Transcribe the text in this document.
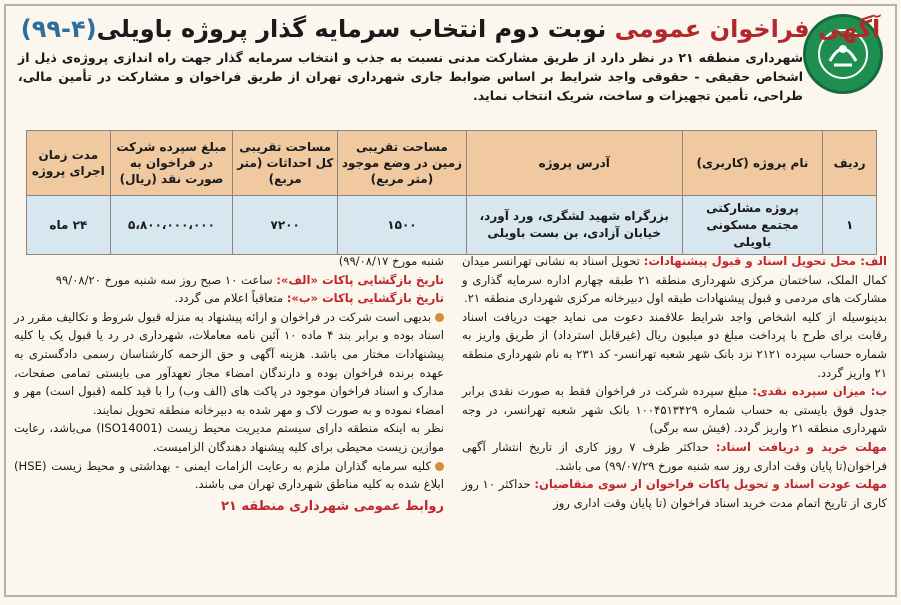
آگهی فراخوان عمومی نوبت دوم انتخاب سرمایه گذار پروژه باویلی(۴-۹۹)
شهرداری منطقه ۲۱ در نظر دارد از طریق مشارکت مدنی نسبت به جذب و انتخاب سرمایه گذار جهت راه اندازی پروژه‌ی ذیل از اشخاص حقیقی - حقوقی واجد شرایط بر اساس ضوابط جاری شهرداری تهران از طریق فراخوان و مشارکت در تأمین مالی، طراحی، تأمین تجهیزات و ساخت، شریک انتخاب نماید.
ردیف	نام پروژه (کاربری)	آدرس پروژه	مساحت تقریبی زمین در وضع موجود (متر مربع)	مساحت تقریبی کل احداثات (متر مربع)	مبلغ سپرده شرکت در فراخوان به صورت نقد (ریال)	مدت زمان اجرای پروژه
۱	پروژه مشارکتی مجتمع مسکونی باویلی	بزرگراه شهید لشگری، ورد آورد، خیابان آزادی، بن بست باویلی	۱۵۰۰	۷۲۰۰	۵،۸۰۰،۰۰۰،۰۰۰	۲۴ ماه

الف: محل تحویل اسناد و قبول پیشنهادات: تحویل اسناد به نشانی تهرانسر میدان کمال الملک، ساختمان مرکزی شهرداری منطقه ۲۱ طبقه چهارم اداره سرمایه گذاری و مشارکت های مردمی و قبول پیشنهادات طبقه اول دبیرخانه مرکزی شهرداری منطقه ۲۱.

بدینوسیله از کلیه اشخاص واجد شرایط علاقمند دعوت می نماید جهت دریافت اسناد رقابت برای طرح با پرداخت مبلغ دو میلیون ریال (غیرقابل استرداد) از طریق واریز به شماره حساب سپرده ۲۱۲۱ نزد بانک شهر شعبه تهرانسر- کد ۲۳۱ به نام شهرداری منطقه ۲۱ واریز گردد.

ب: میزان سپرده نقدی: مبلغ سپرده شرکت در فراخوان فقط به صورت نقدی برابر جدول فوق بایستی به حساب شماره ۱۰۰۴۵۱۳۴۲۹ بانک شهر شعبه تهرانسر، در وجه شهرداری منطقه ۲۱ واریز گردد. (فیش سه برگی)

مهلت خرید و دریافت اسناد: حداکثر ظرف ۷ روز کاری از تاریخ انتشار آگهی فراخوان(تا پایان وقت اداری روز سه شنبه مورخ ۹۹/۰۷/۲۹) می باشد.

مهلت عودت اسناد و تحویل پاکات فراخوان از سوی متقاضیان: حداکثر ۱۰ روز کاری از تاریخ اتمام مدت خرید اسناد فراخوان (تا پایان وقت اداری روز

شنبه مورخ ۹۹/۰۸/۱۷)

تاریخ بازگشایی پاکات «الف»: ساعت ۱۰ صبح روز سه شنبه مورخ ۹۹/۰۸/۲۰

تاریخ بازگشایی پاکات «ب»: متعاقباً اعلام می گردد.

بدیهی است شرکت در فراخوان و ارائه پیشنهاد به منزله قبول شروط و تکالیف مقرر در اسناد بوده و برابر بند ۴ ماده ۱۰ آئین نامه معاملات، شهرداری در رد یا قبول یک یا کلیه پیشنهادات مختار می باشد. هزینه آگهی و حق الزحمه کارشناسان رسمی دادگستری به عهده برنده فراخوان بوده و دارندگان امضاء مجاز تعهدآور می بایستی تمامی صفحات، مدارک و اسناد فراخوان موجود در پاکت های (الف وب) را با قید کلمه (قبول است) مهر و امضاء نموده و به صورت لاک و مهر شده به دبیرخانه منطقه تحویل نمایند.

نظر به اینکه منطقه دارای سیستم مدیریت محیط زیست (ISO14001) می‌باشد، رعایت موازین زیست محیطی برای کلیه پیشنهاد دهندگان الزامیست.

کلیه سرمایه گذاران ملزم به رعایت الزامات ایمنی - بهداشتی و محیط زیست (HSE) ابلاغ شده به کلیه مناطق شهرداری تهران می باشند.

روابط عمومی شهرداری منطقه ۲۱
